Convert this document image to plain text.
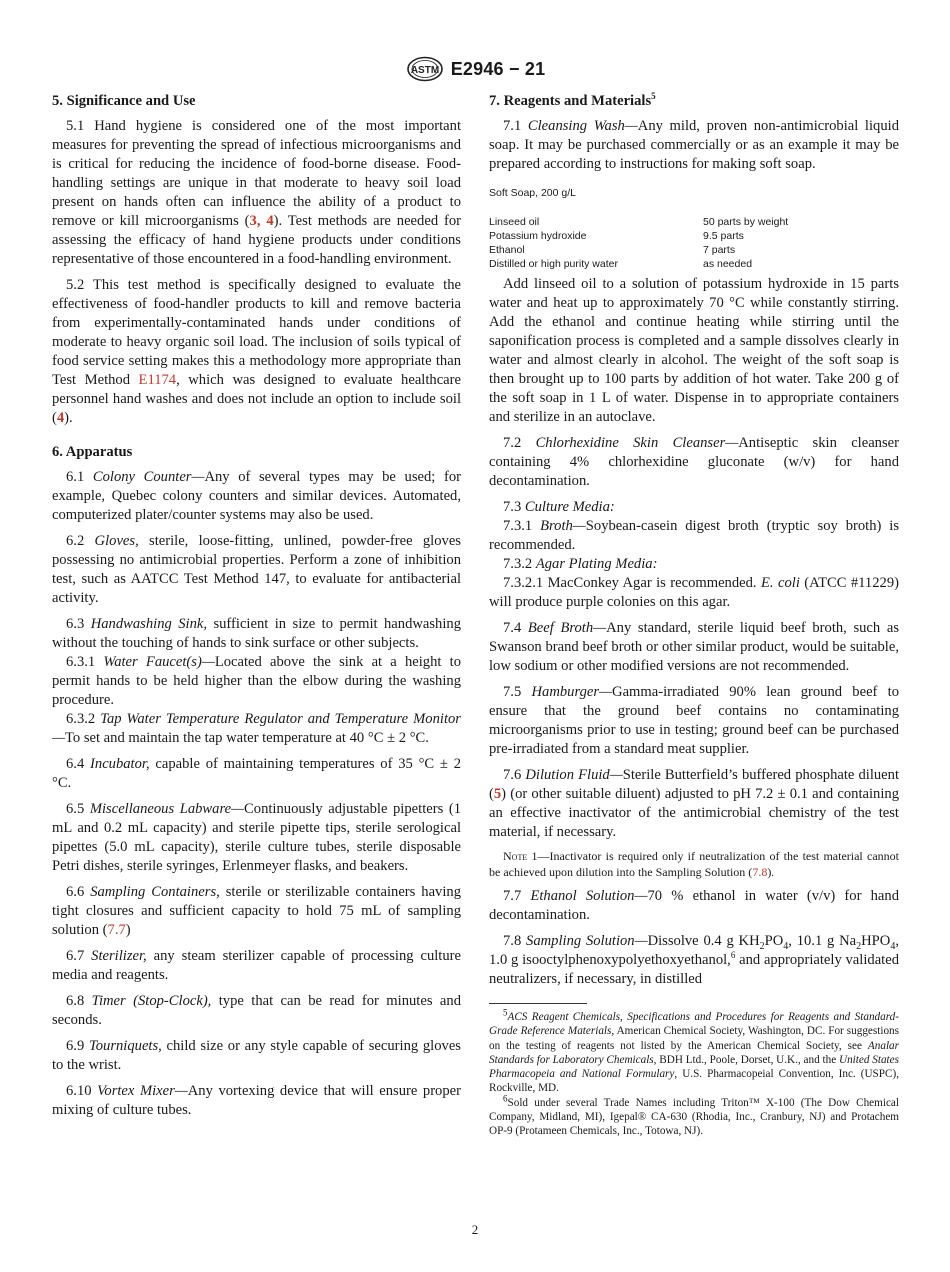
ASTM E2946 − 21
5. Significance and Use

5.1 Hand hygiene is considered one of the most important measures for preventing the spread of infectious microorganisms and is critical for reducing the incidence of food-borne disease. Food-handling settings are unique in that moderate to heavy soil load present on hands often can influence the ability of a product to remove or kill microorganisms (3, 4). Test methods are needed for assessing the efficacy of hand hygiene products under conditions representative of those encountered in a food-handling environment.

5.2 This test method is specifically designed to evaluate the effectiveness of food-handler products to kill and remove bacteria from experimentally-contaminated hands under conditions of moderate to heavy organic soil load. The inclusion of soils typical of food service setting makes this a methodology more appropriate than Test Method E1174, which was designed to evaluate healthcare personnel hand washes and does not include an option to include soil (4).

6. Apparatus

6.1 Colony Counter—Any of several types may be used; for example, Quebec colony counters and similar devices. Automated, computerized plater/counter systems may also be used.

6.2 Gloves, sterile, loose-fitting, unlined, powder-free gloves possessing no antimicrobial properties. Perform a zone of inhibition test, such as AATCC Test Method 147, to evaluate for antibacterial activity.

6.3 Handwashing Sink, sufficient in size to permit handwashing without the touching of hands to sink surface or other subjects.

6.3.1 Water Faucet(s)—Located above the sink at a height to permit hands to be held higher than the elbow during the washing procedure.

6.3.2 Tap Water Temperature Regulator and Temperature Monitor—To set and maintain the tap water temperature at 40 °C ± 2 °C.

6.4 Incubator, capable of maintaining temperatures of 35 °C ± 2 °C.

6.5 Miscellaneous Labware—Continuously adjustable pipetters (1 mL and 0.2 mL capacity) and sterile pipette tips, sterile serological pipettes (5.0 mL capacity), sterile culture tubes, sterile disposable Petri dishes, sterile syringes, Erlenmeyer flasks, and beakers.

6.6 Sampling Containers, sterile or sterilizable containers having tight closures and sufficient capacity to hold 75 mL of sampling solution (7.7)

6.7 Sterilizer, any steam sterilizer capable of processing culture media and reagents.

6.8 Timer (Stop-Clock), type that can be read for minutes and seconds.

6.9 Tourniquets, child size or any style capable of securing gloves to the wrist.

6.10 Vortex Mixer—Any vortexing device that will ensure proper mixing of culture tubes.

7. Reagents and Materials$^5$

7.1 Cleansing Wash—Any mild, proven non-antimicrobial liquid soap. It may be purchased commercially or as an example it may be prepared according to instructions for making soft soap.

Soft Soap, 200 g/L
Linseed oil	50 parts by weight
Potassium hydroxide	9.5 parts
Ethanol	7 parts
Distilled or high purity water	as needed

Add linseed oil to a solution of potassium hydroxide in 15 parts water and heat up to approximately 70 °C while constantly stirring. Add the ethanol and continue heating while stirring until the saponification process is completed and a sample dissolves clearly in water and almost clearly in alcohol. The weight of the soft soap is then brought up to 100 parts by addition of hot water. Take 200 g of the soft soap in 1 L of water. Dispense in to appropriate containers and sterilize in an autoclave.

7.2 Chlorhexidine Skin Cleanser—Antiseptic skin cleanser containing 4% chlorhexidine gluconate (w/v) for hand decontamination.

7.3 Culture Media:

7.3.1 Broth—Soybean-casein digest broth (tryptic soy broth) is recommended.

7.3.2 Agar Plating Media:

7.3.2.1 MacConkey Agar is recommended. E. coli (ATCC #11229) will produce purple colonies on this agar.

7.4 Beef Broth—Any standard, sterile liquid beef broth, such as Swanson brand beef broth or other similar product, would be suitable, low sodium or other modified versions are not recommended.

7.5 Hamburger—Gamma-irradiated 90% lean ground beef to ensure that the ground beef contains no contaminating microorganisms prior to use in testing; ground beef can be purchased pre-irradiated from a standard meat supplier.

7.6 Dilution Fluid—Sterile Butterfield’s buffered phosphate diluent (5) (or other suitable diluent) adjusted to pH 7.2 ± 0.1 and containing an effective inactivator of the antimicrobial chemistry of the test material, if necessary.

Note 1—Inactivator is required only if neutralization of the test material cannot be achieved upon dilution into the Sampling Solution (7.8).

7.7 Ethanol Solution—70 % ethanol in water (v/v) for hand decontamination.

7.8 Sampling Solution—Dissolve 0.4 g $KH_2PO_4$, 10.1 g $Na_2HPO_4$, 1.0 g isooctylphenoxypolyethoxyethanol,$^6$ and appropriately validated neutralizers, if necessary, in distilled

$^5$ACS Reagent Chemicals, Specifications and Procedures for Reagents and Standard-Grade Reference Materials, American Chemical Society, Washington, DC. For suggestions on the testing of reagents not listed by the American Chemical Society, see Analar Standards for Laboratory Chemicals, BDH Ltd., Poole, Dorset, U.K., and the United States Pharmacopeia and National Formulary, U.S. Pharmacopeial Convention, Inc. (USPC), Rockville, MD.

$^6$Sold under several Trade Names including Triton™ X-100 (The Dow Chemical Company, Midland, MI), Igepal® CA-630 (Rhodia, Inc., Cranbury, NJ) and Protachem OP-9 (Protameen Chemicals, Inc., Totowa, NJ).

2
